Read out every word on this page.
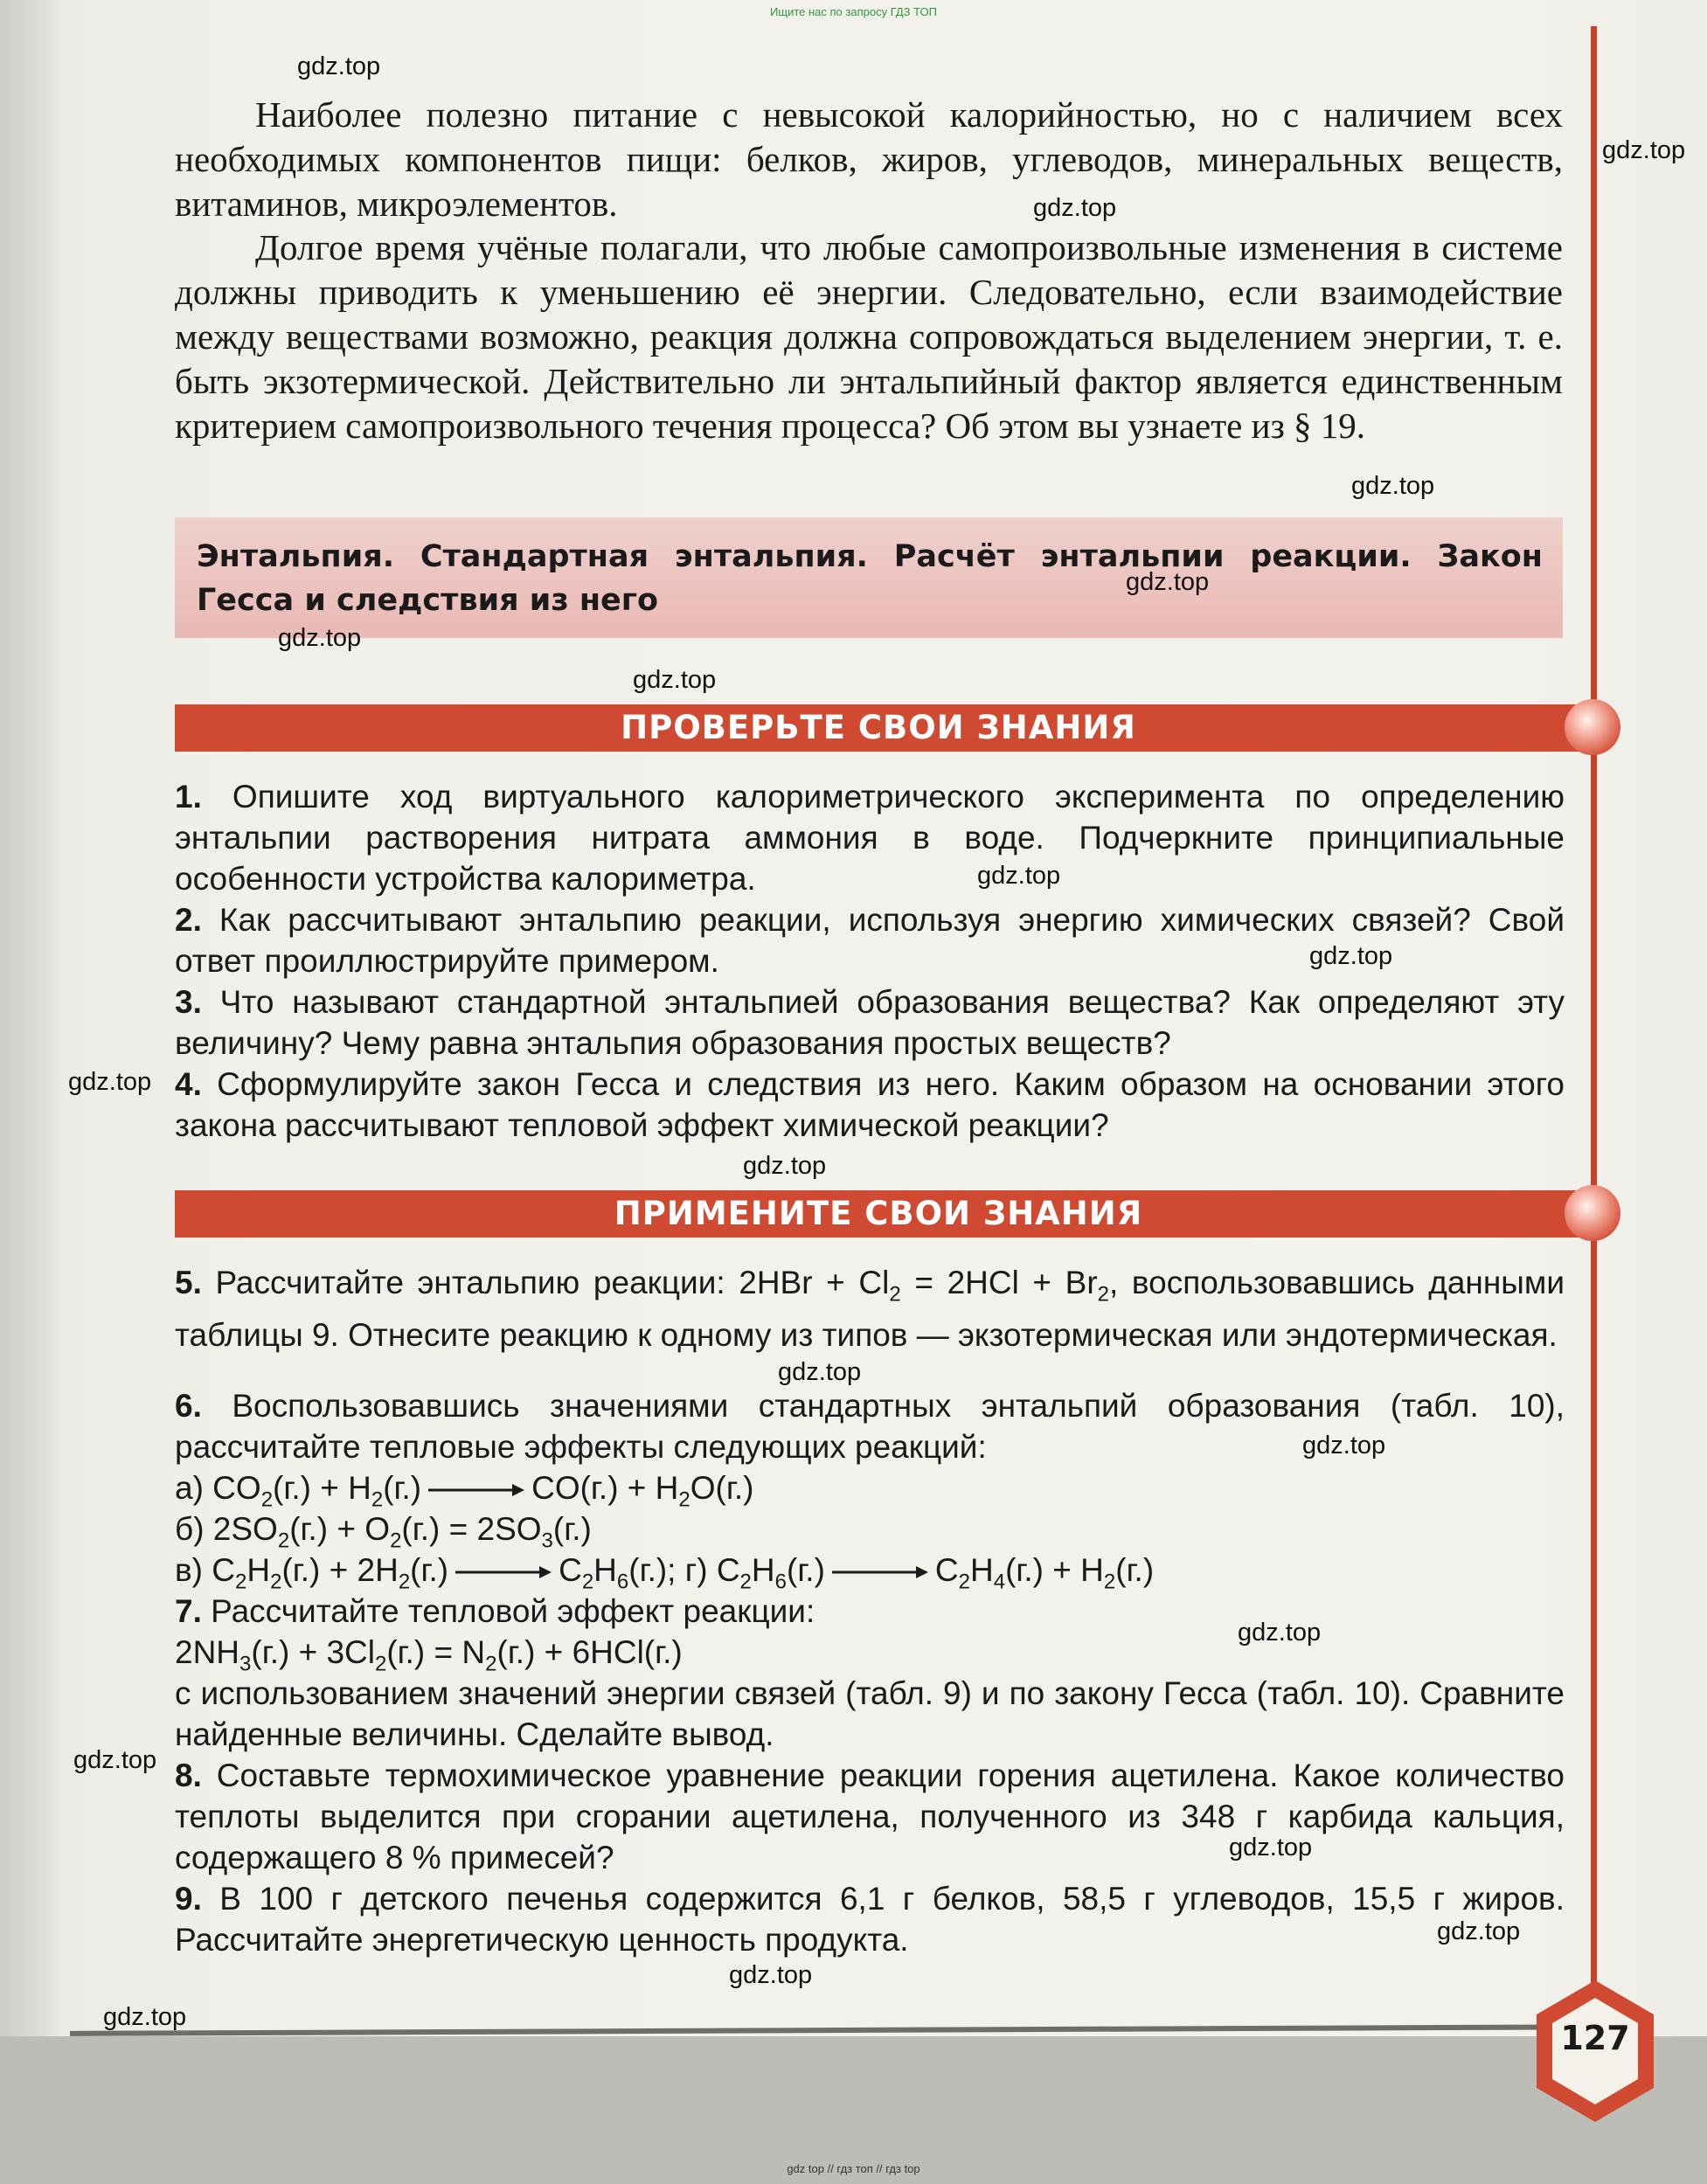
Ищите нас по запросу ГДЗ ТОП

Наиболее полезно питание с невысокой калорийностью, но с наличием всех необходимых компонентов пищи: белков, жиров, углеводов, минеральных веществ, витаминов, микроэлементов.

Долгое время учёные полагали, что любые самопроизвольные изменения в системе должны приводить к уменьшению её энергии. Следовательно, если взаимодействие между веществами возможно, реакция должна сопровождаться выделением энергии, т. е. быть экзотермической. Действительно ли энтальпийный фактор является единственным критерием самопроизвольного течения процесса? Об этом вы узнаете из § 19.

Энтальпия. Стандартная энтальпия. Расчёт энтальпии реакции. Закон Гесса и следствия из него

ПРОВЕРЬТЕ СВОИ ЗНАНИЯ

1. Опишите ход виртуального калориметрического эксперимента по определению энтальпии растворения нитрата аммония в воде. Подчеркните принципиальные особенности устройства калориметра.

2. Как рассчитывают энтальпию реакции, используя энергию химических связей? Свой ответ проиллюстрируйте примером.

3. Что называют стандартной энтальпией образования вещества? Как определяют эту величину? Чему равна энтальпия образования простых веществ?

4. Сформулируйте закон Гесса и следствия из него. Каким образом на основании этого закона рассчитывают тепловой эффект химической реакции?

ПРИМЕНИТЕ СВОИ ЗНАНИЯ

5. Рассчитайте энтальпию реакции: $2HBr + Cl_2 = 2HCl + Br_2$, воспользовавшись данными таблицы 9. Отнесите реакцию к одному из типов — экзотермическая или эндотермическая.

6. Воспользовавшись значениями стандартных энтальпий образования (табл. 10), рассчитайте тепловые эффекты следующих реакций:

а) $CO_2(г.) + H_2(г.) \to CO(г.) + H_2O(г.)$

б) $2SO_2(г.) + O_2(г.) = 2SO_3(г.)$

в) $C_2H_2(г.) + 2H_2(г.) \to C_2H_6(г.)$; г) $C_2H_6(г.) \to C_2H_4(г.) + H_2(г.)$

7. Рассчитайте тепловой эффект реакции:

$2NH_3(г.) + 3Cl_2(г.) = N_2(г.) + 6HCl(г.)$

с использованием значений энергии связей (табл. 9) и по закону Гесса (табл. 10). Сравните найденные величины. Сделайте вывод.

8. Составьте термохимическое уравнение реакции горения ацетилена. Какое количество теплоты выделится при сгорании ацетилена, полученного из 348 г карбида кальция, содержащего 8 % примесей?

9. В 100 г детского печенья содержится 6,1 г белков, 58,5 г углеводов, 15,5 г жиров. Рассчитайте энергетическую ценность продукта.

127
gdz.top
gdz.top
gdz.top
gdz.top
gdz.top
gdz.top
gdz.top
gdz.top
gdz.top
gdz.top
gdz.top
gdz.top
gdz.top
gdz.top
gdz.top
gdz.top
gdz.top
gdz.top
gdz.top
gdz top // гдз топ // гдз top
